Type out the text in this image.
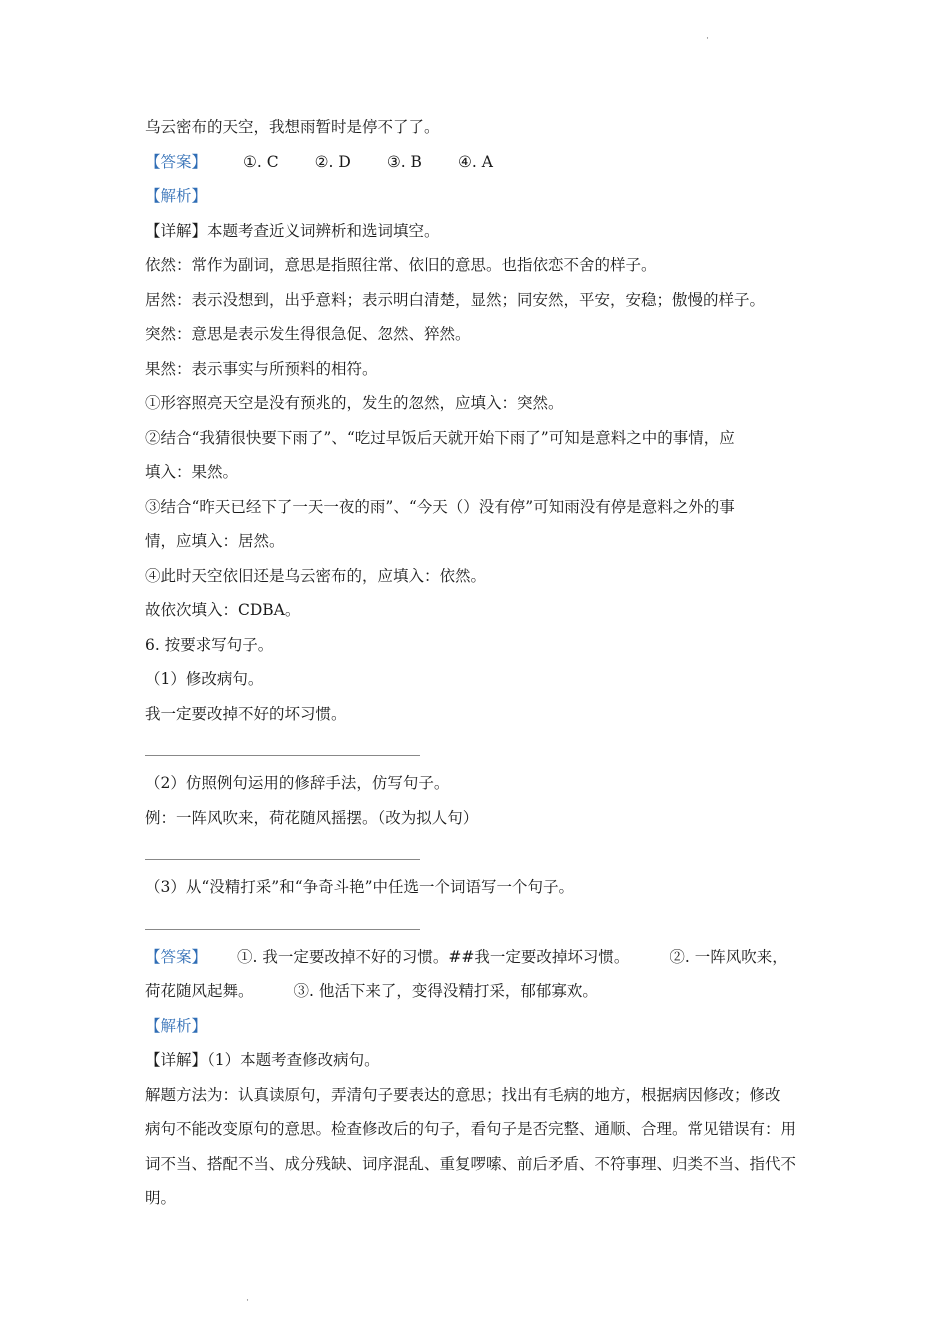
˙

乌云密布的天空，我想雨暂时是停不了了。

【答案】 ①. C ②. D ③. B ④. A

【解析】

【详解】本题考查近义词辨析和选词填空。

依然：常作为副词，意思是指照往常、依旧的意思。也指依恋不舍的样子。

居然：表示没想到，出乎意料；表示明白清楚，显然；同安然，平安，安稳；傲慢的样子。

突然：意思是表示发生得很急促、忽然、猝然。

果然：表示事实与所预料的相符。

①形容照亮天空是没有预兆的，发生的忽然，应填入：突然。

②结合“我猜很快要下雨了”、“吃过早饭后天就开始下雨了”可知是意料之中的事情，应

填入：果然。

③结合“昨天已经下了一天一夜的雨”、“今天（）没有停”可知雨没有停是意料之外的事

情，应填入：居然。

④此时天空依旧还是乌云密布的，应填入：依然。

故依次填入：CDBA。

6. 按要求写句子。

（1）修改病句。

我一定要改掉不好的坏习惯。

（2）仿照例句运用的修辞手法，仿写句子。

例：一阵风吹来，荷花随风摇摆。（改为拟人句）

（3）从“没精打采”和“争奇斗艳”中任选一个词语写一个句子。

【答案】 ①. 我一定要改掉不好的习惯。##我一定要改掉坏习惯。	②. 一阵风吹来，

荷花随风起舞。	③. 他活下来了，变得没精打采，郁郁寡欢。

【解析】

【详解】（1）本题考查修改病句。

解题方法为：认真读原句，弄清句子要表达的意思；找出有毛病的地方，根据病因修改；修改

病句不能改变原句的意思。检查修改后的句子，看句子是否完整、通顺、合理。常见错误有：用

词不当、搭配不当、成分残缺、词序混乱、重复啰嗦、前后矛盾、不符事理、归类不当、指代不

明。

˙
